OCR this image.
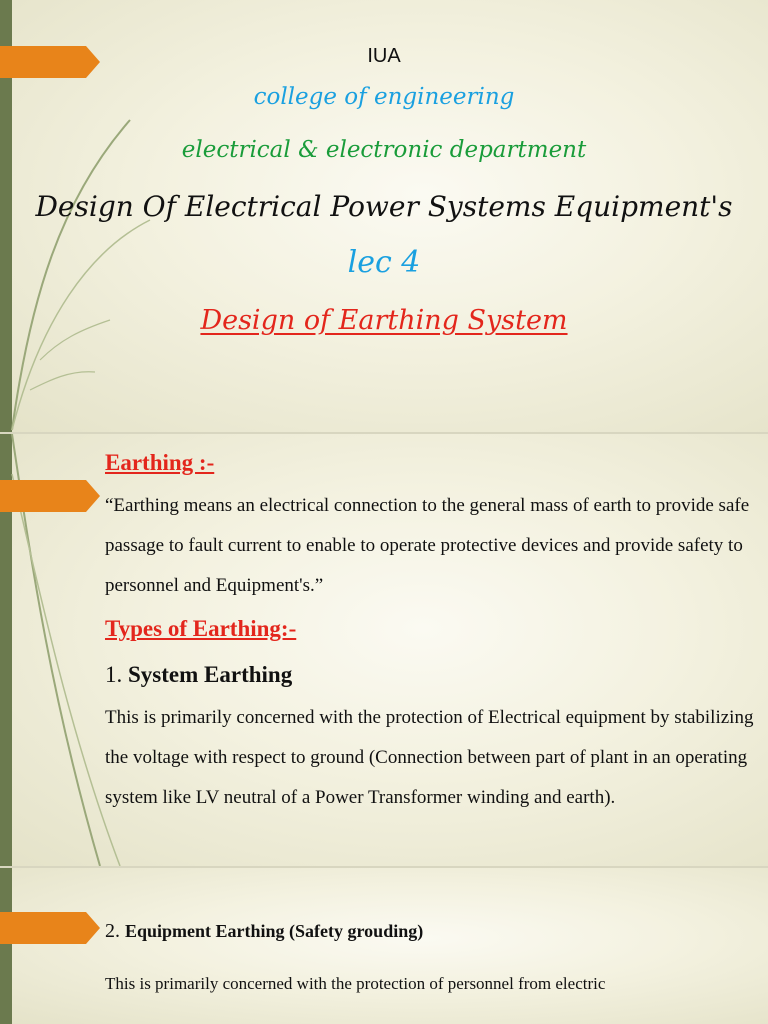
IUA
college of engineering
electrical & electronic department
Design Of Electrical Power Systems Equipment's
lec 4
Design of Earthing System
Earthing :-
“Earthing means an electrical connection to the general mass of earth to provide safe passage to fault current to enable to operate protective devices and provide safety to personnel and Equipment's.”
Types of Earthing:-
1. System Earthing
This is primarily concerned with the protection of Electrical equipment by stabilizing the voltage with respect to ground (Connection between part of plant in an operating system like LV neutral of a Power Transformer winding and earth).
2. Equipment Earthing (Safety grouding)
This is primarily concerned with the protection of personnel from electric
